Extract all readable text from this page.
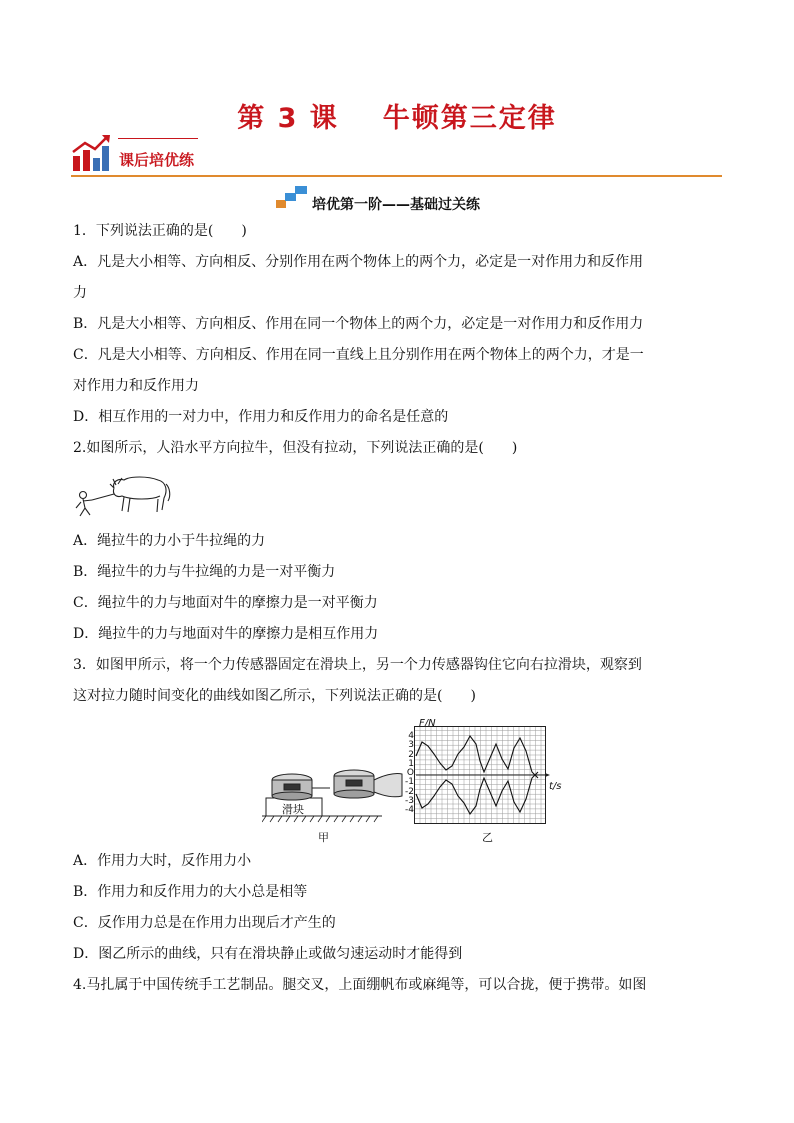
第 3 课 牛顿第三定律
课后培优练
培优第一阶——基础过关练
1．下列说法正确的是(　　)
A．凡是大小相等、方向相反、分别作用在两个物体上的两个力，必定是一对作用力和反作用
力
B．凡是大小相等、方向相反、作用在同一个物体上的两个力，必定是一对作用力和反作用力
C．凡是大小相等、方向相反、作用在同一直线上且分别作用在两个物体上的两个力，才是一
对作用力和反作用力
D．相互作用的一对力中，作用力和反作用力的命名是任意的
2.如图所示，人沿水平方向拉牛，但没有拉动，下列说法正确的是(　　)
A．绳拉牛的力小于牛拉绳的力
B．绳拉牛的力与牛拉绳的力是一对平衡力
C．绳拉牛的力与地面对牛的摩擦力是一对平衡力
D．绳拉牛的力与地面对牛的摩擦力是相互作用力
3．如图甲所示，将一个力传感器固定在滑块上，另一个力传感器钩住它向右拉滑块，观察到
这对拉力随时间变化的曲线如图乙所示，下列说法正确的是(　　)
滑块
甲
F/N
t/s
4
3
2
1
O
-1
-2
-3
-4
乙
A．作用力大时，反作用力小
B．作用力和反作用力的大小总是相等
C．反作用力总是在作用力出现后才产生的
D．图乙所示的曲线，只有在滑块静止或做匀速运动时才能得到
4.马扎属于中国传统手工艺制品。腿交叉，上面绷帆布或麻绳等，可以合拢，便于携带。如图
